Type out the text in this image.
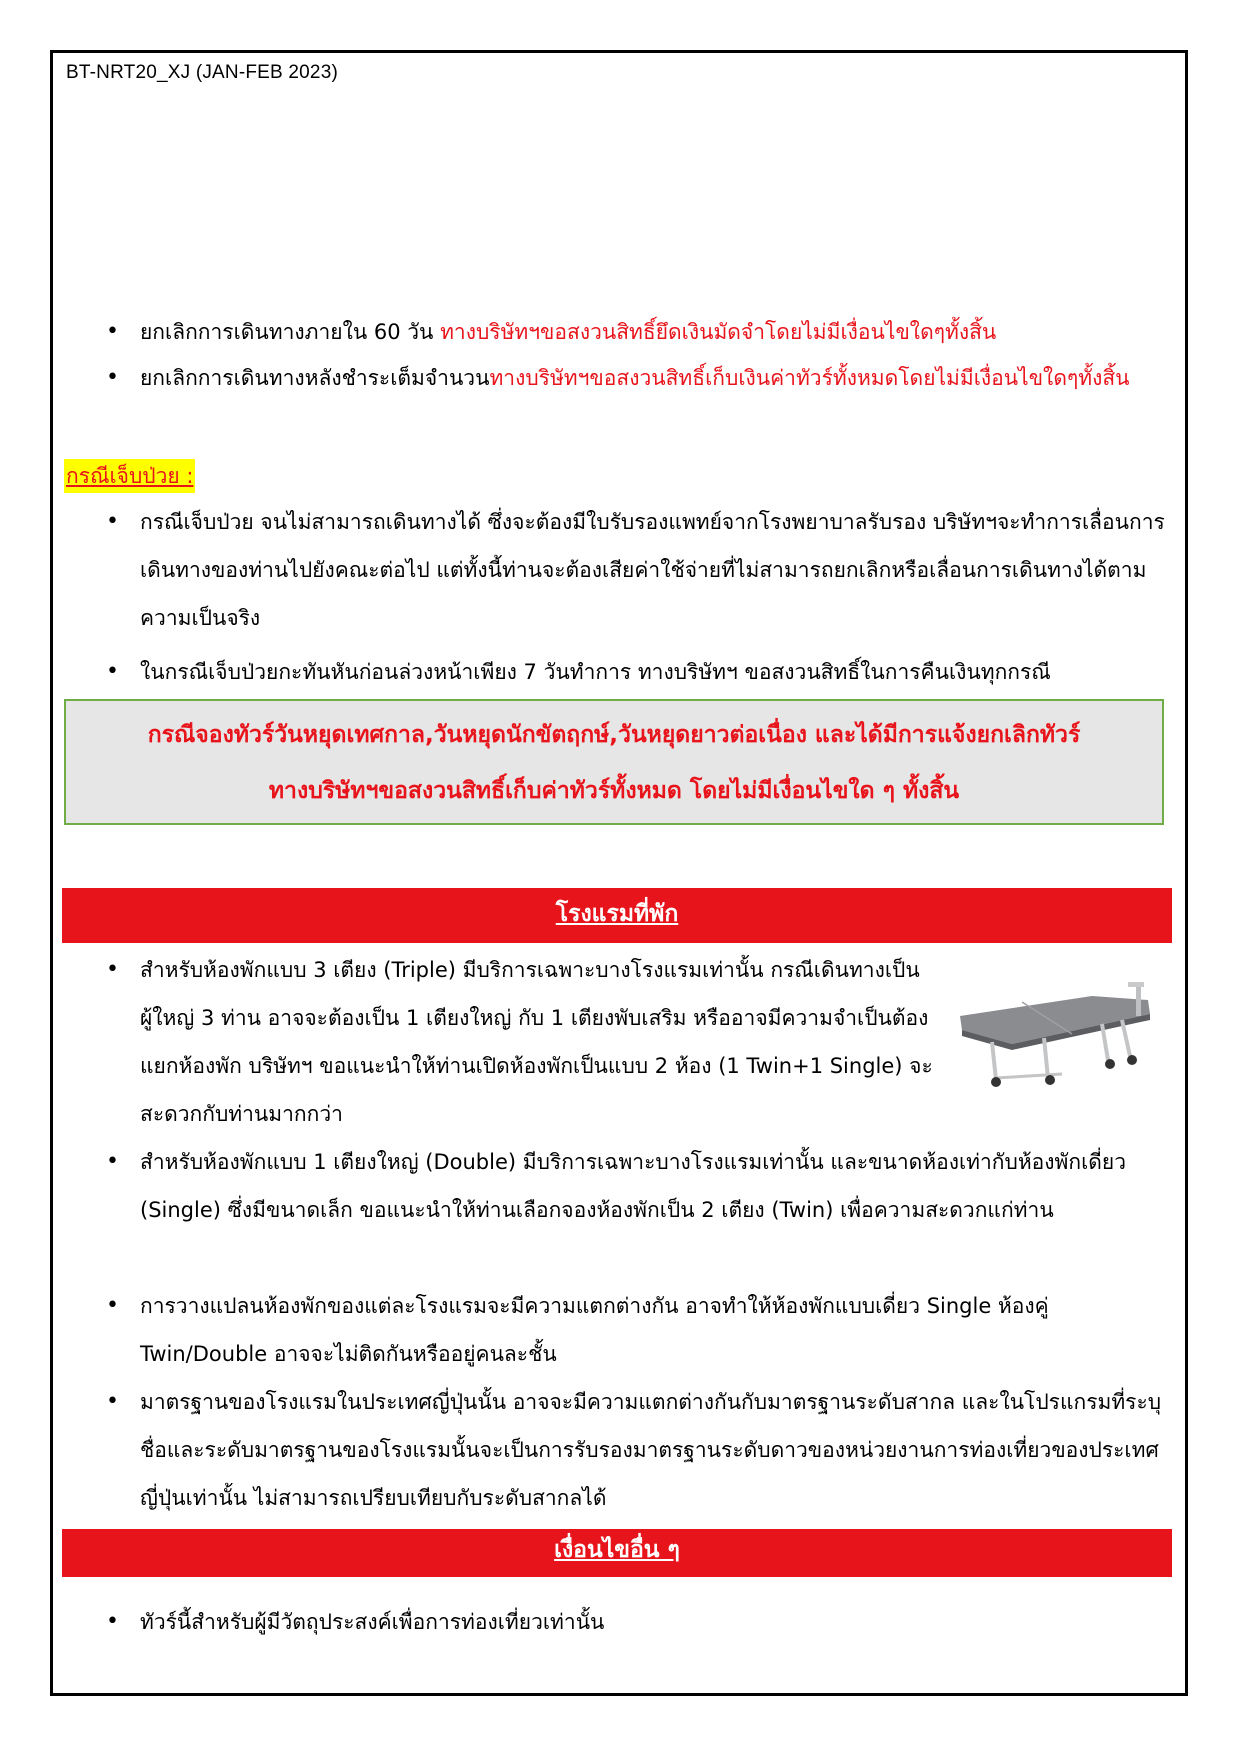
BT-NRT20_XJ (JAN-FEB 2023)
• ยกเลิกการเดินทางภายใน 60 วัน ทางบริษัทฯขอสงวนสิทธิ์ยึดเงินมัดจำโดยไม่มีเงื่อนไขใดๆทั้งสิ้น
• ยกเลิกการเดินทางหลังชำระเต็มจำนวนทางบริษัทฯขอสงวนสิทธิ์เก็บเงินค่าทัวร์ทั้งหมดโดยไม่มีเงื่อนไขใดๆทั้งสิ้น
กรณีเจ็บป่วย :
• กรณีเจ็บป่วย จนไม่สามารถเดินทางได้ ซึ่งจะต้องมีใบรับรองแพทย์จากโรงพยาบาลรับรอง บริษัทฯจะทำการเลื่อนการเดินทางของท่านไปยังคณะต่อไป แต่ทั้งนี้ท่านจะต้องเสียค่าใช้จ่ายที่ไม่สามารถยกเลิกหรือเลื่อนการเดินทางได้ตามความเป็นจริง
• ในกรณีเจ็บป่วยกะทันหันก่อนล่วงหน้าเพียง 7 วันทำการ ทางบริษัทฯ ขอสงวนสิทธิ์ในการคืนเงินทุกกรณี
กรณีจองทัวร์วันหยุดเทศกาล,วันหยุดนักขัตฤกษ์,วันหยุดยาวต่อเนื่อง และได้มีการแจ้งยกเลิกทัวร์
ทางบริษัทฯขอสงวนสิทธิ์เก็บค่าทัวร์ทั้งหมด โดยไม่มีเงื่อนไขใด ๆ ทั้งสิ้น
โรงแรมที่พัก
• สำหรับห้องพักแบบ 3 เตียง (Triple) มีบริการเฉพาะบางโรงแรมเท่านั้น กรณีเดินทางเป็นผู้ใหญ่ 3 ท่าน อาจจะต้องเป็น 1 เตียงใหญ่ กับ 1 เตียงพับเสริม หรืออาจมีความจำเป็นต้องแยกห้องพัก บริษัทฯ ขอแนะนำให้ท่านเปิดห้องพักเป็นแบบ 2 ห้อง (1 Twin+1 Single) จะสะดวกกับท่านมากกว่า
• สำหรับห้องพักแบบ 1 เตียงใหญ่ (Double) มีบริการเฉพาะบางโรงแรมเท่านั้น และขนาดห้องเท่ากับห้องพักเดี่ยว (Single) ซึ่งมีขนาดเล็ก ขอแนะนำให้ท่านเลือกจองห้องพักเป็น 2 เตียง (Twin) เพื่อความสะดวกแก่ท่าน
• การวางแปลนห้องพักของแต่ละโรงแรมจะมีความแตกต่างกัน อาจทำให้ห้องพักแบบเดี่ยว Single ห้องคู่ Twin/Double อาจจะไม่ติดกันหรืออยู่คนละชั้น
• มาตรฐานของโรงแรมในประเทศญี่ปุ่นนั้น อาจจะมีความแตกต่างกันกับมาตรฐานระดับสากล และในโปรแกรมที่ระบุชื่อและระดับมาตรฐานของโรงแรมนั้นจะเป็นการรับรองมาตรฐานระดับดาวของหน่วยงานการท่องเที่ยวของประเทศญี่ปุ่นเท่านั้น ไม่สามารถเปรียบเทียบกับระดับสากลได้
เงื่อนไขอื่น ๆ
• ทัวร์นี้สำหรับผู้มีวัตถุประสงค์เพื่อการท่องเที่ยวเท่านั้น
